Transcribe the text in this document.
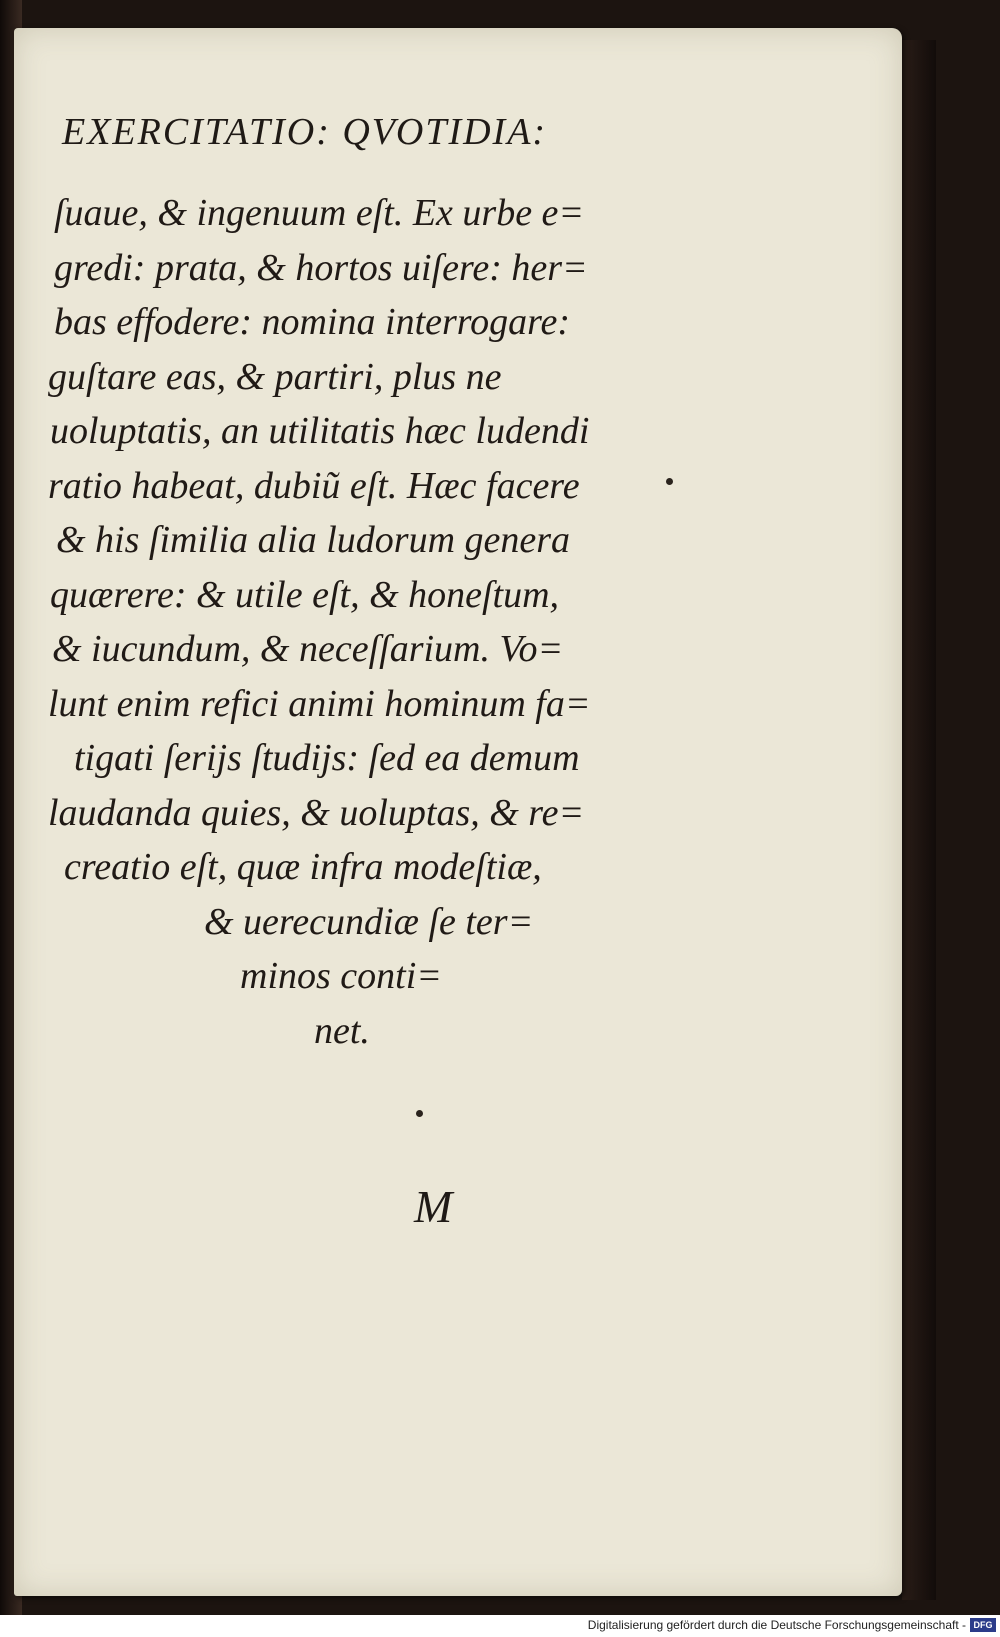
EXERCITATIO: QVOTIDIA:
ſuaue, & ingenuum eſt. Ex urbe e=
gredi: prata, & hortos uiſere: her=
bas effodere: nomina interrogare:
guſtare eas, & partiri, plus ne
uoluptatis, an utilitatis hæc ludendi
ratio habeat, dubiũ eſt. Hæc facere
& his ſimilia alia ludorum genera
quærere: & utile eſt, & honeſtum,
& iucundum, & neceſſarium. Vo=
lunt enim refici animi hominum fa=
tigati ſerijs ſtudijs: ſed ea demum
laudanda quies, & uoluptas, & re=
creatio eſt, quæ infra modeſtiæ,
& uerecundiæ ſe ter=
minos conti=
net.
M
Digitalisierung gefördert durch die Deutsche Forschungsgemeinschaft - DFG
